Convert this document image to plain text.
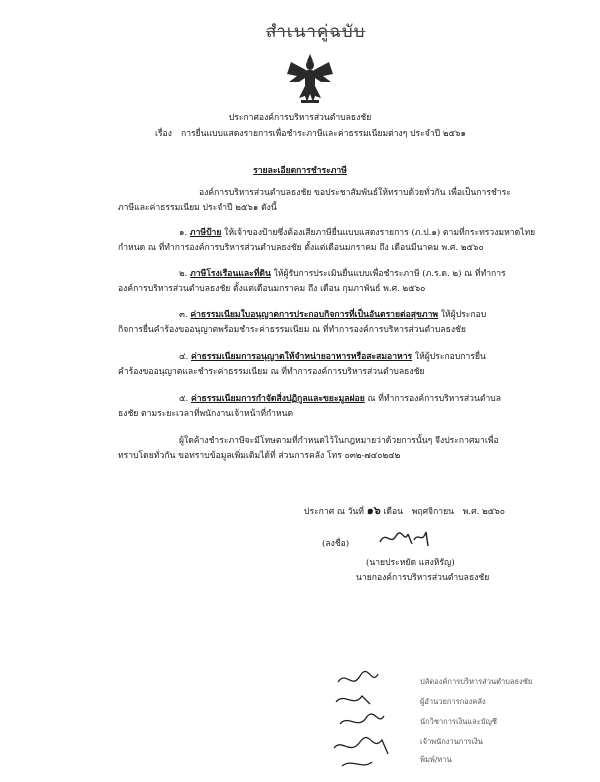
สำเนาคู่ฉบับ
ประกาศองค์การบริหารส่วนตำบลธงชัย
เรื่อง การยื่นแบบแสดงรายการเพื่อชำระภาษีและค่าธรรมเนียมต่างๆ ประจำปี ๒๕๖๑
รายละเอียดการชำระภาษี
องค์การบริหารส่วนตำบลธงชัย ขอประชาสัมพันธ์ให้ทราบด้วยทั่วกัน เพื่อเป็นการชำระ
ภาษีและค่าธรรมเนียม ประจำปี ๒๕๖๑ ดังนี้
๑. ภาษีป้าย ให้เจ้าของป้ายซึ่งต้องเสียภาษียื่นแบบแสดงรายการ (ภ.ป.๑) ตามที่กระทรวงมหาดไทย
กำหนด ณ ที่ทำการองค์การบริหารส่วนตำบลธงชัย ตั้งแต่เดือนมกราคม ถึง เดือนมีนาคม พ.ศ. ๒๕๖๐
๒. ภาษีโรงเรือนและที่ดิน ให้ผู้รับการประเมินยื่นแบบเพื่อชำระภาษี (ภ.ร.ด. ๒) ณ ที่ทำการ
องค์การบริหารส่วนตำบลธงชัย ตั้งแต่เดือนมกราคม ถึง เดือน กุมภาพันธ์ พ.ศ. ๒๕๖๐
๓. ค่าธรรมเนียมใบอนุญาตการประกอบกิจการที่เป็นอันตรายต่อสุขภาพ ให้ผู้ประกอบ
กิจการยื่นคำร้องขออนุญาตพร้อมชำระค่าธรรมเนียม ณ ที่ทำการองค์การบริหารส่วนตำบลธงชัย
๔. ค่าธรรมเนียมการอนุญาตให้จำหน่ายอาหารหรือสะสมอาหาร ให้ผู้ประกอบการยื่น
คำร้องขออนุญาตและชำระค่าธรรมเนียม ณ ที่ทำการองค์การบริหารส่วนตำบลธงชัย
๕. ค่าธรรมเนียมการกำจัดสิ่งปฏิกูลและขยะมูลฝอย ณ ที่ทำการองค์การบริหารส่วนตำบล
ธงชัย ตามระยะเวลาที่พนักงานเจ้าหน้าที่กำหนด
ผู้ใดค้างชำระภาษีจะมีโทษตามที่กำหนดไว้ในกฎหมายว่าด้วยการนั้นๆ จึงประกาศมาเพื่อ
ทราบโดยทั่วกัน ขอทราบข้อมูลเพิ่มเติมได้ที่ ส่วนการคลัง โทร ๐๓๒-๗๔๐๒๔๒
ประกาศ ณ วันที่ ๑๖ เดือน พฤศจิกายน พ.ศ. ๒๕๖๐
(ลงชื่อ)
(นายประหยัด แสงหิรัญ)
นายกองค์การบริหารส่วนตำบลธงชัย
ปลัดองค์การบริหารส่วนตำบลธงชัย
ผู้อำนวยการกองคลัง
นักวิชาการเงินและบัญชี
เจ้าพนักงานการเงิน
พิมพ์/ทาน
